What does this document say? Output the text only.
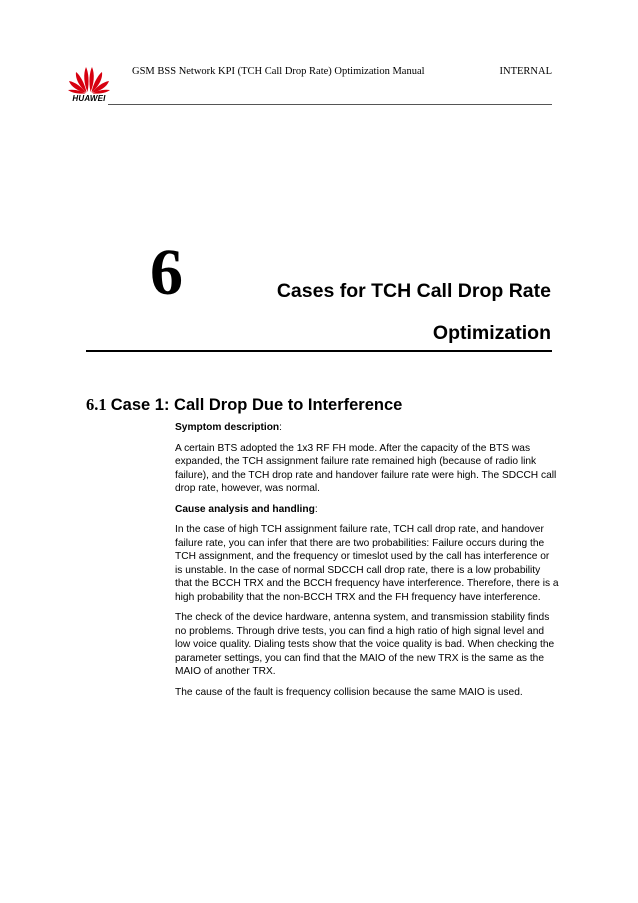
HUAWEI
GSM BSS Network KPI (TCH Call Drop Rate) Optimization Manual	INTERNAL
6	Cases for TCH Call Drop Rate
Optimization
6.1 Case 1: Call Drop Due to Interference

Symptom description:

A certain BTS adopted the 1x3 RF FH mode. After the capacity of the BTS was expanded, the TCH assignment failure rate remained high (because of radio link failure), and the TCH drop rate and handover failure rate were high. The SDCCH call drop rate, however, was normal.

Cause analysis and handling:

In the case of high TCH assignment failure rate, TCH call drop rate, and handover failure rate, you can infer that there are two probabilities: Failure occurs during the TCH assignment, and the frequency or timeslot used by the call has interference or is unstable. In the case of normal SDCCH call drop rate, there is a low probability that the BCCH TRX and the BCCH frequency have interference. Therefore, there is a high probability that the non-BCCH TRX and the FH frequency have interference.

The check of the device hardware, antenna system, and transmission stability finds no problems. Through drive tests, you can find a high ratio of high signal level and low voice quality. Dialing tests show that the voice quality is bad. When checking the parameter settings, you can find that the MAIO of the new TRX is the same as the MAIO of another TRX.

The cause of the fault is frequency collision because the same MAIO is used.
